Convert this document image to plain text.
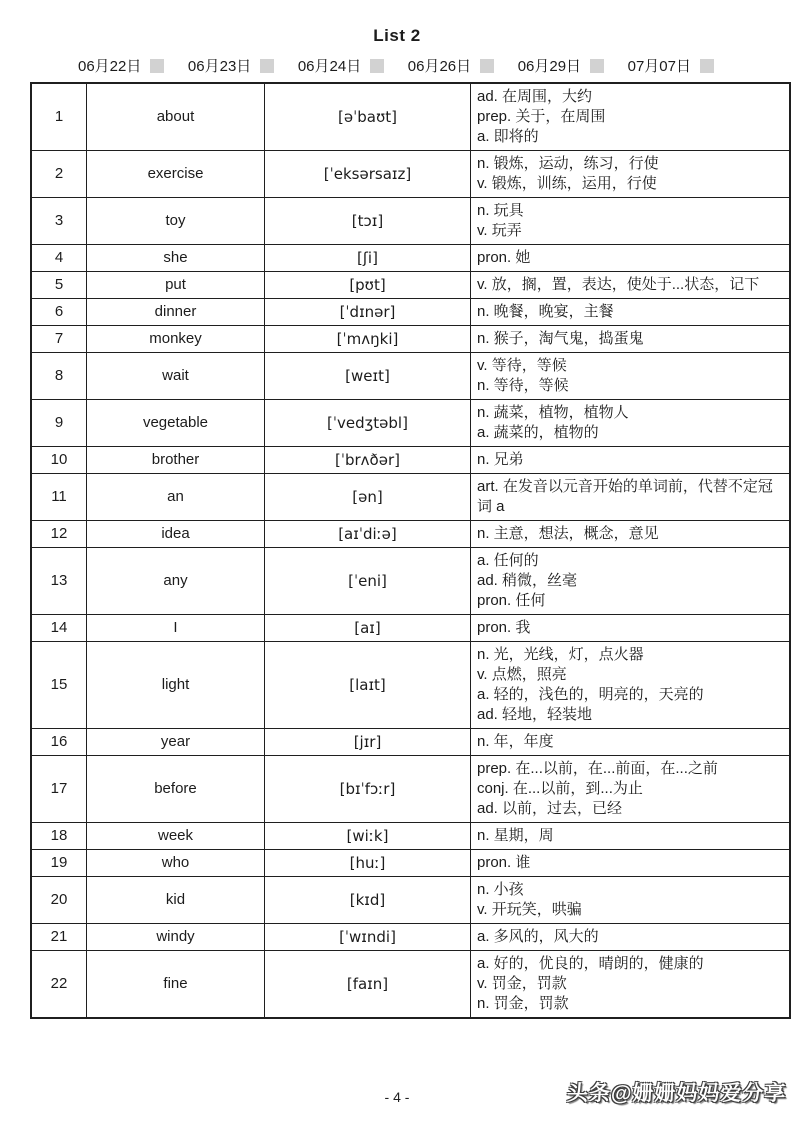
List 2
06月22日	06月23日	06月24日	06月26日	06月29日	07月07日
1	about	[əˈbaʊt]	ad. 在周围，大约
prep. 关于，在周围
a. 即将的

2	exercise	[ˈeksərsaɪz]	n. 锻炼，运动，练习，行使
v. 锻炼，训练，运用，行使

3	toy	[tɔɪ]	n. 玩具
v. 玩弄

4	she	[ʃi]	pron. 她

5	put	[pʊt]	v. 放，搁，置，表达，使处于...状态，记下

6	dinner	[ˈdɪnər]	n. 晚餐，晚宴，主餐

7	monkey	[ˈmʌŋki]	n. 猴子，淘气鬼，捣蛋鬼

8	wait	[weɪt]	v. 等待，等候
n. 等待，等候

9	vegetable	[ˈvedʒtəbl]	n. 蔬菜，植物，植物人
a. 蔬菜的，植物的

10	brother	[ˈbrʌðər]	n. 兄弟

11	an	[ən]	art. 在发音以元音开始的单词前，代替不定冠词 a

12	idea	[aɪˈdiːə]	n. 主意，想法，概念，意见

13	any	[ˈeni]	a. 任何的
ad. 稍微，丝毫
pron. 任何

14	I	[aɪ]	pron. 我

15	light	[laɪt]	n. 光，光线，灯，点火器
v. 点燃，照亮
a. 轻的，浅色的，明亮的，天亮的
ad. 轻地，轻装地

16	year	[jɪr]	n. 年，年度

17	before	[bɪˈfɔːr]	prep. 在...以前，在...前面，在...之前
conj. 在...以前，到...为止
ad. 以前，过去，已经

18	week	[wiːk]	n. 星期，周

19	who	[huː]	pron. 谁

20	kid	[kɪd]	n. 小孩
v. 开玩笑，哄骗

21	windy	[ˈwɪndi]	a. 多风的，风大的

22	fine	[faɪn]	a. 好的，优良的，晴朗的，健康的
v. 罚金，罚款
n. 罚金，罚款
- 4 -	头条@姗姗妈妈爱分享
